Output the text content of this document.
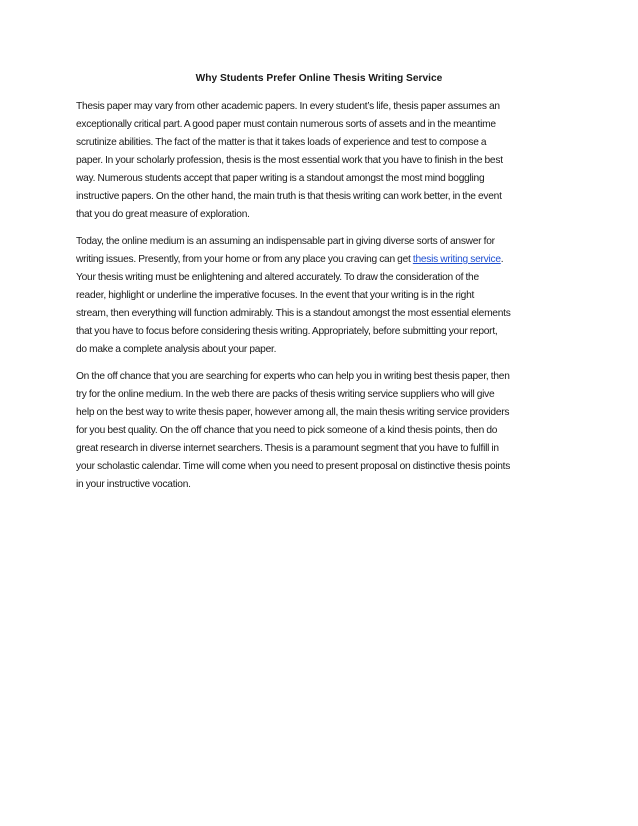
Why Students Prefer Online Thesis Writing Service

Thesis paper may vary from other academic papers. In every student’s life, thesis paper assumes an
exceptionally critical part. A good paper must contain numerous sorts of assets and in the meantime
scrutinize abilities. The fact of the matter is that it takes loads of experience and test to compose a
paper. In your scholarly profession, thesis is the most essential work that you have to finish in the best
way. Numerous students accept that paper writing is a standout amongst the most mind boggling
instructive papers. On the other hand, the main truth is that thesis writing can work better, in the event
that you do great measure of exploration.

Today, the online medium is an assuming an indispensable part in giving diverse sorts of answer for
writing issues. Presently, from your home or from any place you craving can get thesis writing service.
Your thesis writing must be enlightening and altered accurately. To draw the consideration of the
reader, highlight or underline the imperative focuses. In the event that your writing is in the right
stream, then everything will function admirably. This is a standout amongst the most essential elements
that you have to focus before considering thesis writing. Appropriately, before submitting your report,
do make a complete analysis about your paper.

On the off chance that you are searching for experts who can help you in writing best thesis paper, then
try for the online medium. In the web there are packs of thesis writing service suppliers who will give
help on the best way to write thesis paper, however among all, the main thesis writing service providers
for you best quality. On the off chance that you need to pick someone of a kind thesis points, then do
great research in diverse internet searchers. Thesis is a paramount segment that you have to fulfill in
your scholastic calendar. Time will come when you need to present proposal on distinctive thesis points
in your instructive vocation.
